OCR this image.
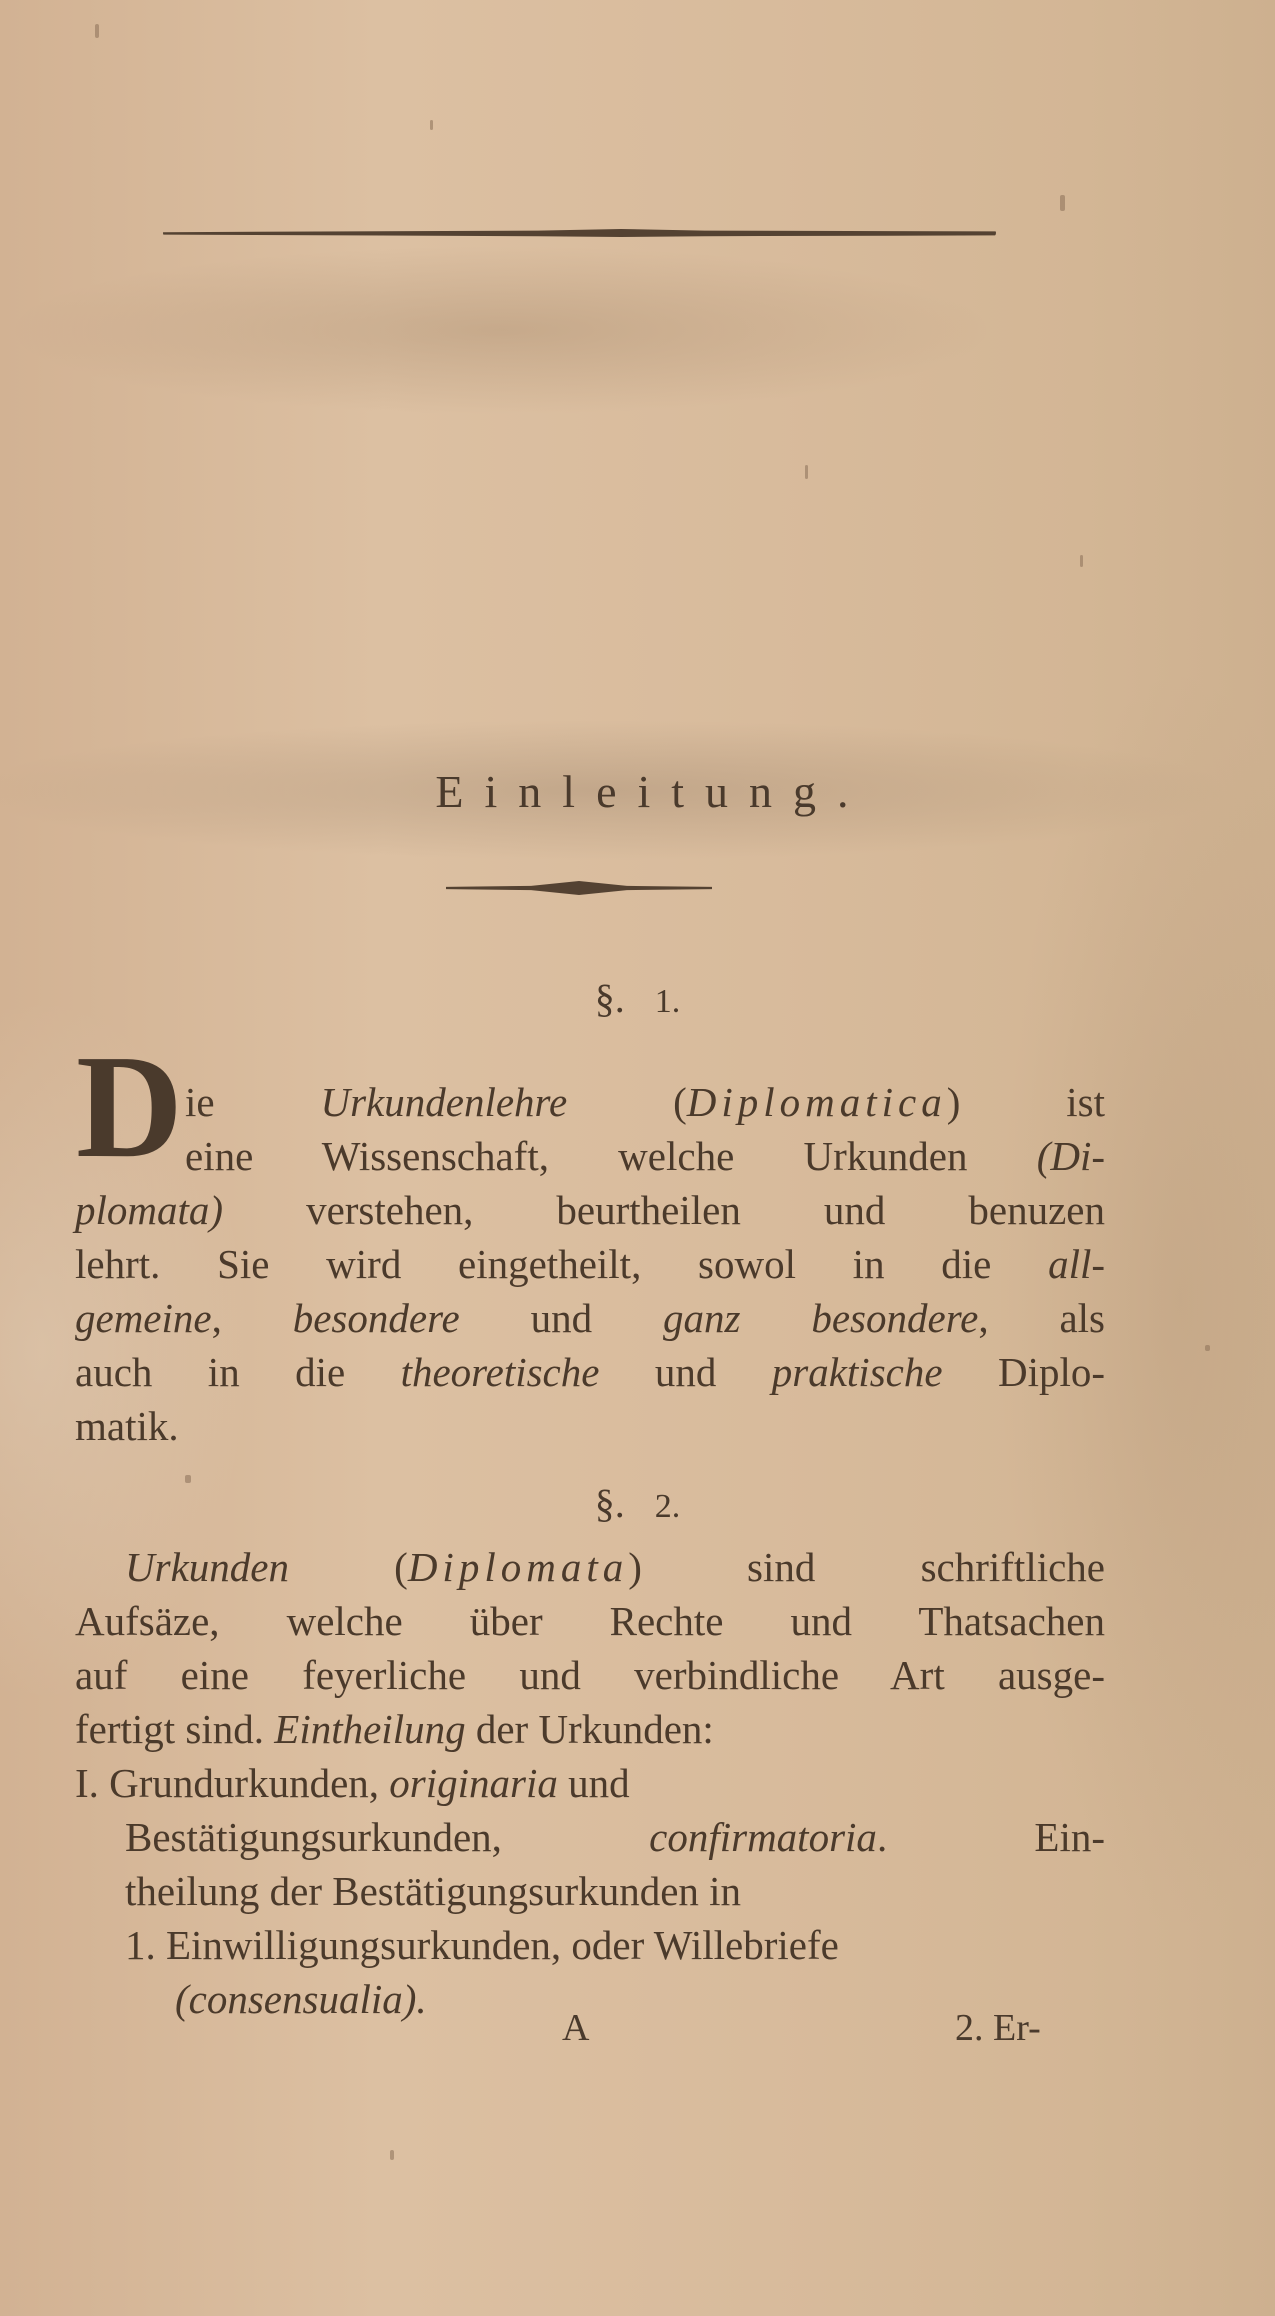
Einleitung.
§. 1.
D ie Urkundenlehre (Diplomatica) ist
eine Wissenschaft, welche Urkunden (Di-
plomata) verstehen, beurtheilen und benuzen
lehrt. Sie wird eingetheilt, sowol in die all-
gemeine, besondere und ganz besondere, als
auch in die theoretische und praktische Diplo-
matik.
§. 2.
Urkunden (Diplomata) sind schriftliche
Aufsäze, welche über Rechte und Thatsachen
auf eine feyerliche und verbindliche Art ausge-
fertigt sind. Eintheilung der Urkunden:
I. Grundurkunden, originaria und
Bestätigungsurkunden, confirmatoria. Ein-
theilung der Bestätigungsurkunden in
1. Einwilligungsurkunden, oder Willebriefe
(consensualia).
A	2. Er-
